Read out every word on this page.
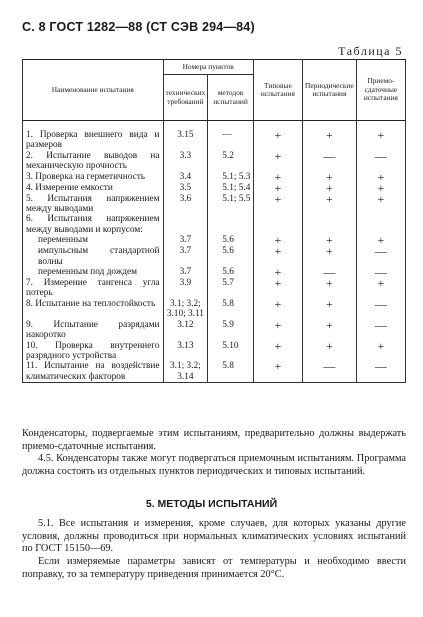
С. 8 ГОСТ 1282—88 (СТ СЭВ 294—84)
Таблица 5
Наименование испытания	Номера пунктов		Типовые испытания	Периодические испытания	Приемо-сдаточные испытания
	технических требований	методов испытаний			
1. Проверка внешнего вида и размеров	3.15	—	+	+	+
2. Испытание выводов на механическую прочность	3.3	5.2	+	—	—
3. Проверка на герметичность	3.4	5.1; 5.3	+	+	+
4. Измерение емкости	3.5	5.1; 5.4	+	+	+
5. Испытания напряжением между выводами	3.6	5.1; 5.5	+	+	+
6. Испытания напряжением между выводами и корпусом:					

переменным	3.7	5.6	+	+	+

импульсным стандартной волны	3.7	5.6	+	+	—

переменным под дождем	3.7	5.6	+	—	—
7. Измерение тангенса угла потерь	3.9	5.7	+	+	+
8. Испытание на теплостойкость	3.1; 3.2; 3.10; 3.11	5.8	+	+	—
9. Испытание разрядами накоротко	3.12	5.9	+	+	—
10. Проверка внутреннего разрядного устройства	3.13	5.10	+	+	+
11. Испытание на воздействие климатических факторов	3.1; 3.2; 3.14	5.8	+	—	—
Конденсаторы, подвергаемые этим испытаниям, предварительно должны выдержать приемо-сдаточные испытания.
4.5. Конденсаторы также могут подвергаться приемочным испытаниям. Программа должна состоять из отдельных пунктов периодических и типовых испытаний.
5. МЕТОДЫ ИСПЫТАНИЙ
5.1. Все испытания и измерения, кроме случаев, для которых указаны другие условия, должны проводиться при нормальных климатических условиях испытаний по ГОСТ 15150—69.
Если измеряемые параметры зависят от температуры и необходимо ввести поправку, то за температуру приведения принимается 20°С.
